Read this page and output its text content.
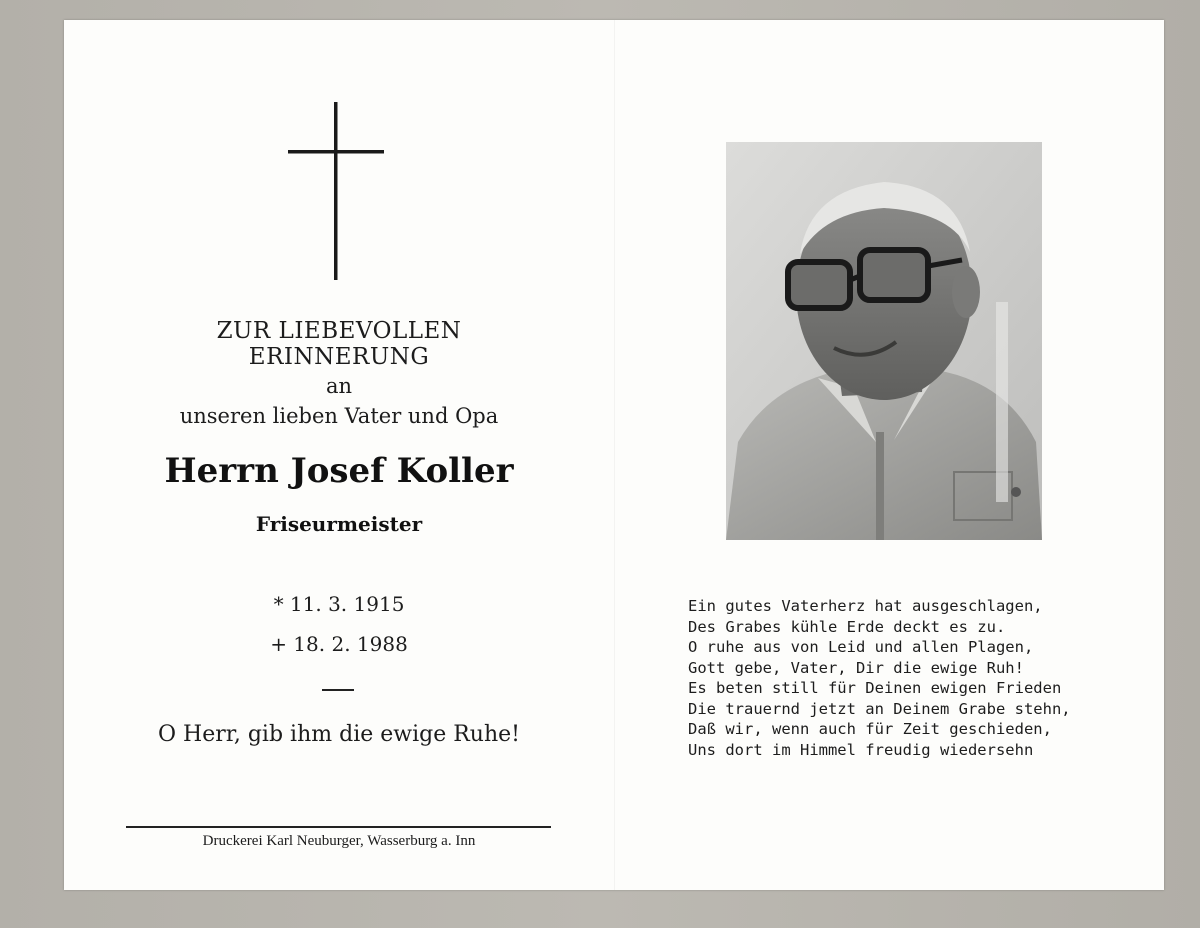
ZUR LIEBEVOLLEN ERINNERUNG
an
unseren lieben Vater und Opa
Herrn Josef Koller
Friseurmeister
* 11. 3. 1915
+ 18. 2. 1988
O Herr, gib ihm die ewige Ruhe!
Druckerei Karl Neuburger, Wasserburg a. Inn
Ein gutes Vaterherz hat ausgeschlagen,
Des Grabes kühle Erde deckt es zu.
O ruhe aus von Leid und allen Plagen,
Gott gebe, Vater, Dir die ewige Ruh!
Es beten still für Deinen ewigen Frieden
Die trauernd jetzt an Deinem Grabe stehn,
Daß wir, wenn auch für Zeit geschieden,
Uns dort im Himmel freudig wiedersehn
